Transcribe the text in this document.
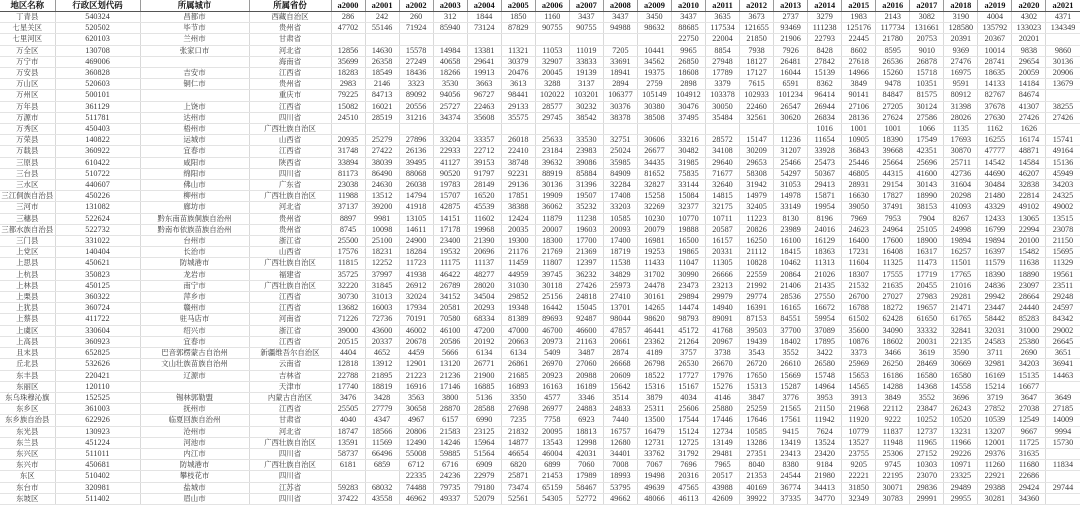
地区名称	行政区划代码	所属城市	所属省份	a2000	a2001	a2002	a2003	a2004	a2005	a2006	a2007	a2008	a2009	a2010	a2011	a2012	a2013	a2014	a2015	a2016	a2017	a2018	a2019	a2020	a2021
丁青县	540324	昌都市	西藏自治区	286	242	260	312	1844	1850	1160	3437	3437	3450	3437	3635	3673	2737	3279	1983	2143	3082	3190	4004	4302	4371
七星关区	520502	毕节市	贵州省	47702	55146	71924	85940	73124	87829	90755	90755	94988	98632	88685	117534	121655	93469	111238	125176	117734	131661	128580	135792	133023	134349
七里河区	620103	兰州市	甘肃省											22750	22004	21850	21906	22793	22445	21780	20753	20391	20367	20201	
万全区	130708	张家口市	河北省	12856	14630	15578	14984	13381	11321	11053	11019	7205	10441	9965	8854	7938	7926	8428	8602	8595	9010	9369	10014	9838	9860
万宁市	469006		海南省	35699	26358	27249	40658	29641	30379	32907	33833	33691	34562	26850	27948	18127	26481	27842	27618	26536	26878	27476	28741	29654	30136
万安县	360828	吉安市	江西省	18283	18549	18436	18266	19913	20476	20045	19139	18941	19375	18608	17789	17127	16044	15139	14966	15260	15718	16975	18635	20059	20906
万山区	520603	铜仁市	贵州省	2983	2146	3323	3530	3663	3613	3288	3137	2894	2759	2898	3379	7615	6591	8362	3849	9478	10351	9591	14133	14184	13679
万州区	500101		重庆市	79225	84713	89092	94056	96727	98441	102022	103201	106377	105149	104912	103378	102933	101234	96414	90141	84847	81575	80912	82767	84674	
万年县	361129	上饶市	江西省	15082	16021	20556	25727	22463	29133	28577	30232	30376	30380	30476	30050	22460	26547	26944	27106	27205	30124	31398	37678	41307	38255
万源市	511781	达州市	四川省	24510	28519	31216	34374	35608	35575	29745	38542	38378	38508	37495	35484	32561	30620	26834	28136	27624	27586	28026	27630	27426	27426
万秀区	450403	梧州市	广西壮族自治区															1016	1001	1001	1066	1135	1162	1626	
万荣县	140822	运城市	山西省	20935	25279	27896	33204	33357	26018	25633	33530	32751	30606	33216	28572	15147	11236	11654	10905	18390	17549	17693	16255	16174	15741
万载县	360922	宜春市	江西省	31748	27422	26136	22933	22712	22410	23184	23983	25024	26677	30482	34108	30209	31207	33928	36843	39668	42351	30870	47777	48871	49164
三原县	610422	咸阳市	陕西省	33894	38039	39495	41127	39153	38748	39632	39086	35985	34435	31985	29640	29653	25466	25473	25446	25664	25696	25711	14542	14584	15136
三台县	510722	绵阳市	四川省	81173	86490	88068	90520	91797	92231	88919	85884	84909	81652	75835	71677	58308	54297	50367	46805	44315	41600	42736	44690	46207	45949
三水区	440607	佛山市	广东省	23038	24630	26038	19783	28149	29136	30136	31396	32284	32827	33144	32640	31942	31053	29413	28931	29154	30143	31604	30484	32838	34203
三江侗族自治县	450226	柳州市	广西壮族自治区	11988	13512	14794	15707	16520	17851	19909	19507	17408	15258	15084	14815	14979	14978	15871	16630	17827	18990	20298	21480	22814	24325
三河市	131082	廊坊市	河北省	37137	39200	41918	42875	45539	38388	36062	35232	33203	32269	32377	32175	32405	33149	19954	39050	37491	38153	41093	43329	49102	49002
三穗县	522624	黔东南苗族侗族自治州	贵州省	8897	9981	13105	14151	11602	12424	11879	11238	10585	10230	10770	10711	11223	8130	8196	7969	7953	7904	8267	12433	13065	13515
三都水族自治县	522732	黔南布依族苗族自治州	贵州省	8745	10098	14611	17178	19968	20035	20007	19603	20093	20079	19888	20587	20826	23989	24016	24623	24964	25105	24998	16799	22994	23078
三门县	331022	台州市	浙江省	25500	25100	24900	23400	21390	19300	18300	17700	17400	16981	16500	16157	16250	16100	16129	16400	17600	18900	19894	19894	20100	21150
上党区	140404	长治市	山西省	17576	18231	18284	19532	20696	21176	21769	21369	18719	19253	19865	20331	21112	18415	18363	17231	16408	16317	16257	16397	15482	15695
上思县	450621	防城港市	广西壮族自治区	11815	12252	11723	11175	11137	11459	11807	12397	11538	11433	11047	11305	10828	10462	11313	11604	11325	11473	11501	11579	11638	11329
上杭县	350823	龙岩市	福建省	35725	37997	41938	46422	48277	44959	39745	36232	34829	31702	30990	26666	22559	20864	21026	18307	17555	17719	17765	18390	18890	19561
上林县	450125	南宁市	广西壮族自治区	32220	31845	26912	26789	28020	31030	30118	27426	25973	24478	23473	23213	21992	21406	21435	21532	21635	20455	21016	24836	23097	23511
上栗县	360322	萍乡市	江西省	30730	31013	32024	34152	34504	29852	25156	24818	27410	30161	29894	29979	29774	28536	27550	26700	27027	27983	29281	29942	28664	29248
上犹县	360724	赣州市	江西省	13682	16003	17934	20581	20293	19348	16442	15045	13701	14265	14474	14940	16391	16165	16672	16788	18272	19657	21471	23447	24440	24597
上蔡县	411722	驻马店市	河南省	71226	72736	70191	70580	68334	81389	89693	92487	98044	98620	98793	89091	87153	84551	59954	61502	62428	61650	61765	58442	85283	84342
上虞区	330604	绍兴市	浙江省	39000	43600	46002	46100	47200	47000	46700	46600	47857	46441	45172	41768	39503	37700	37089	35600	34090	33332	32841	32031	31000	29002
上高县	360923	宜春市	江西省	20515	20337	20678	20586	20192	20663	20973	21163	20661	23362	21264	20967	19439	18402	17895	10876	18602	20031	22135	24583	25380	26645
且末县	652825	巴音郭楞蒙古自治州	新疆维吾尔自治区	4404	4652	4459	5666	6134	6134	5409	3487	2874	4189	3757	3738	3543	3552	3422	3373	3466	3619	3590	3711	2690	3651
丘北县	532626	文山壮族苗族自治州	云南省	12818	13912	12901	13120	26771	26861	26970	27060	26668	26798	26530	26670	26720	26610	26580	25969	26250	28469	30669	32981	34203	36941
东丰县	220421	辽源市	吉林省	22788	21895	21223	21236	21900	21685	20923	20988	20609	18522	17727	17976	17650	15669	15748	15653	16186	16580	16580	16169	15135	14463
东丽区	120110		天津市	17740	18819	16916	17146	16885	16893	16163	16189	15642	15316	15167	15276	15313	15287	14964	14565	14288	14368	14558	15214	16677	
东乌珠穆沁旗	152525	锡林郭勒盟	内蒙古自治区	3476	3428	3563	3800	5136	3350	4577	3346	3514	3879	4034	4146	3847	3776	3953	3913	3849	3552	3696	3719	3647	3649
东乡区	361003	抚州市	江西省	25505	27779	30658	28870	28588	27698	26977	24883	24833	25311	25606	25880	25259	21565	21150	21968	22112	23847	26243	27852	27038	27185
东乡族自治县	622926	临夏回族自治州	甘肃省	4040	4347	4967	6157	6990	7235	7758	6923	7440	13500	17544	17446	17646	17561	11942	11920	9222	10252	10520	10539	12549	14009
东光县	130923	沧州市	河北省	18747	18566	20806	21583	23125	21832	20095	18813	16757	16479	15124	12734	10585	9415	7624	10779	11837	12737	13231	13207	9667	9994
东兰县	451224	河池市	广西壮族自治区	13591	11569	12490	14246	15964	14877	13543	12998	12680	12731	12725	13149	13286	13419	13524	13527	11948	11965	11966	12001	11725	15730
东兴区	511011	内江市	四川省	58737	66496	55008	59885	51564	46654	46004	42031	34401	33762	31792	29481	27351	23413	23420	23755	25306	27152	29226	29376	31635	
东兴市	450681	防城港市	广西壮族自治区	6181	6859	6712	6716	6909	6820	6899	7060	7008	7067	7696	7965	8040	8380	9184	9205	9745	10303	10971	11260	11680	11834
东区	510402	攀枝花市	四川省			22335	24236	22979	25871	21453	17989	18993	19498	20316	20517	21353	24544	21980	22221	22195	23070	23325	22921	22686	
东台市	320981	盐城市	江苏省	59283	68032	74488	79735	79180	73474	65159	58467	53795	49639	47565	43988	40169	36774	34413	31850	30071	29836	29489	29388	29424	29744
东坡区	511402	眉山市	四川省	37422	43558	46962	49337	52079	52561	54305	52772	49662	48066	46113	42609	39922	37335	34770	32349	30783	29991	29955	30281	34360	
